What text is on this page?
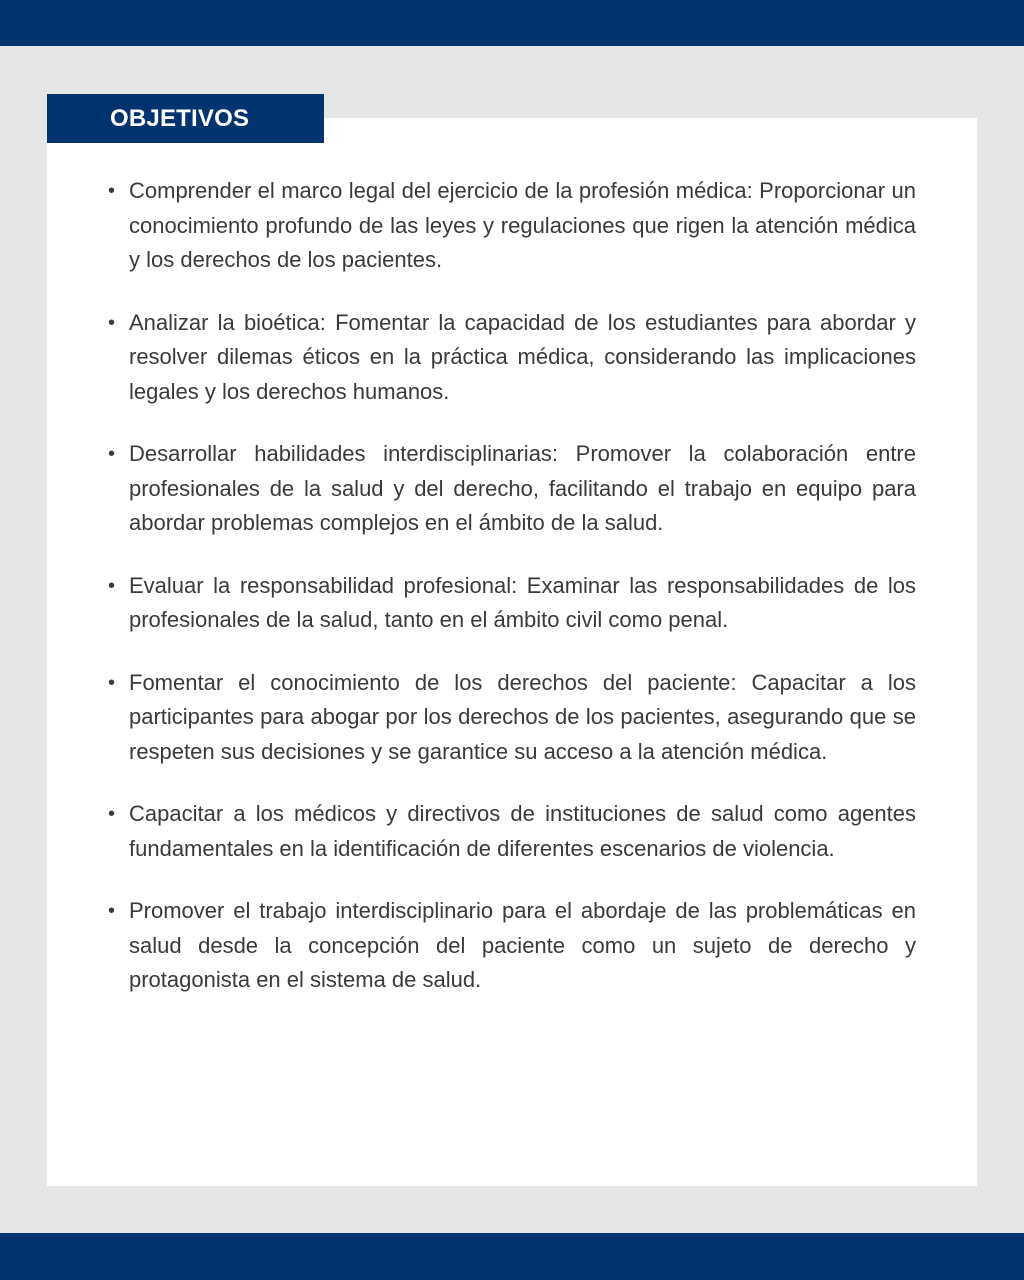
OBJETIVOS
• Comprender el marco legal del ejercicio de la profesión médica: Proporcionar un conocimiento profundo de las leyes y regulaciones que rigen la atención médica y los derechos de los pacientes.
• Analizar la bioética: Fomentar la capacidad de los estudiantes para abordar y resolver dilemas éticos en la práctica médica, considerando las implicaciones legales y los derechos humanos.
• Desarrollar habilidades interdisciplinarias: Promover la colaboración entre profesionales de la salud y del derecho, facilitando el trabajo en equipo para abordar problemas complejos en el ámbito de la salud.
• Evaluar la responsabilidad profesional: Examinar las responsabilidades de los profesionales de la salud, tanto en el ámbito civil como penal.
• Fomentar el conocimiento de los derechos del paciente: Capacitar a los participantes para abogar por los derechos de los pacientes, asegurando que se respeten sus decisiones y se garantice su acceso a la atención médica.
• Capacitar a los médicos y directivos de instituciones de salud como agentes fundamentales en la identificación de diferentes escenarios de violencia.
• Promover el trabajo interdisciplinario para el abordaje de las problemáticas en salud desde la concepción del paciente como un sujeto de derecho y protagonista en el sistema de salud.
